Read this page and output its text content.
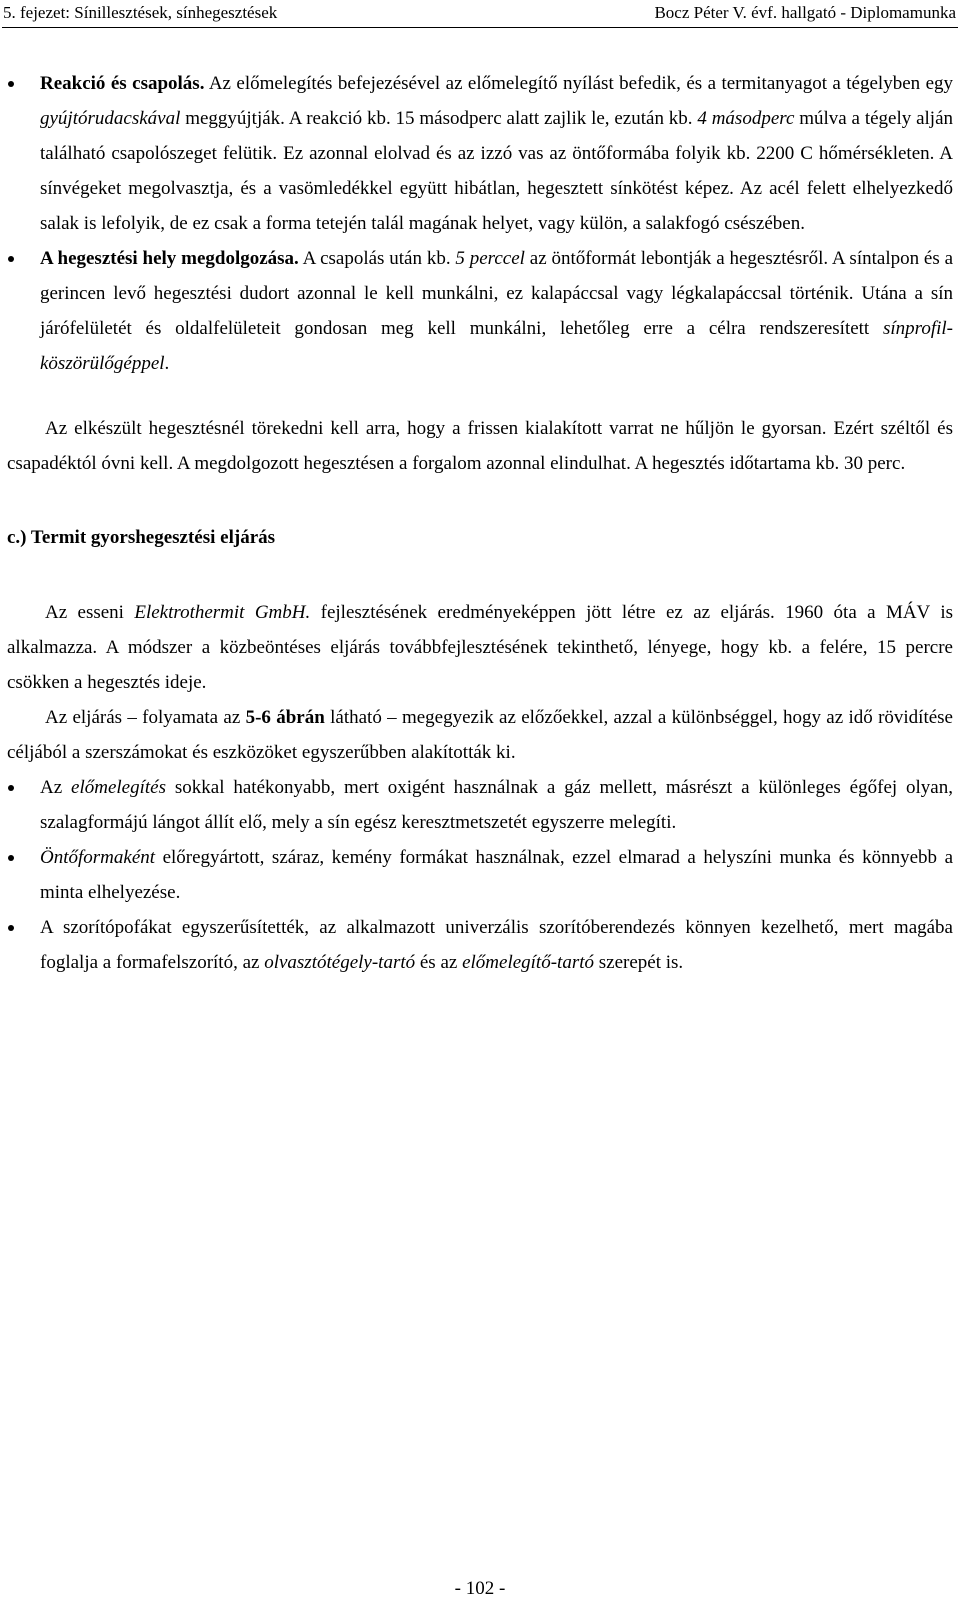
5. fejezet: Sínillesztések, sínhegesztések	Bocz Péter V. évf. hallgató - Diplomamunka

Reakció és csapolás. Az előmelegítés befejezésével az előmelegítő nyílást befedik, és a termitanyagot a tégelyben egy gyújtórudacskával meggyújtják. A reakció kb. 15 másodperc alatt zajlik le, ezután kb. 4 másodperc múlva a tégely alján található csapolószeget felütik. Ez azonnal elolvad és az izzó vas az öntőformába folyik kb. 2200 C hőmérsékleten. A sínvégeket megolvasztja, és a vasömledékkel együtt hibátlan, hegesztett sínkötést képez. Az acél felett elhelyezkedő salak is lefolyik, de ez csak a forma tetején talál magának helyet, vagy külön, a salakfogó csészében.

A hegesztési hely megdolgozása. A csapolás után kb. 5 perccel az öntőformát lebontják a hegesztésről. A síntalpon és a gerincen levő hegesztési dudort azonnal le kell munkálni, ez kalapáccsal vagy légkalapáccsal történik. Utána a sín járófelületét és oldalfelületeit gondosan meg kell munkálni, lehetőleg erre a célra rendszeresített sínprofil-köszörülőgéppel.

Az elkészült hegesztésnél törekedni kell arra, hogy a frissen kialakított varrat ne hűljön le gyorsan. Ezért széltől és csapadéktól óvni kell. A megdolgozott hegesztésen a forgalom azonnal elindulhat. A hegesztés időtartama kb. 30 perc.

c.) Termit gyorshegesztési eljárás

Az esseni Elektrothermit GmbH. fejlesztésének eredményeképpen jött létre ez az eljárás. 1960 óta a MÁV is alkalmazza. A módszer a közbeöntéses eljárás továbbfejlesztésének tekinthető, lényege, hogy kb. a felére, 15 percre csökken a hegesztés ideje.

Az eljárás – folyamata az 5-6 ábrán látható – megegyezik az előzőekkel, azzal a különbséggel, hogy az idő rövidítése céljából a szerszámokat és eszközöket egyszerűbben alakították ki.

Az előmelegítés sokkal hatékonyabb, mert oxigént használnak a gáz mellett, másrészt a különleges égőfej olyan, szalagformájú lángot állít elő, mely a sín egész keresztmetszetét egyszerre melegíti.

Öntőformaként előregyártott, száraz, kemény formákat használnak, ezzel elmarad a helyszíni munka és könnyebb a minta elhelyezése.

A szorítópofákat egyszerűsítették, az alkalmazott univerzális szorítóberendezés könnyen kezelhető, mert magába foglalja a formafelszorító, az olvasztótégely-tartó és az előmelegítő-tartó szerepét is.

- 102 -
